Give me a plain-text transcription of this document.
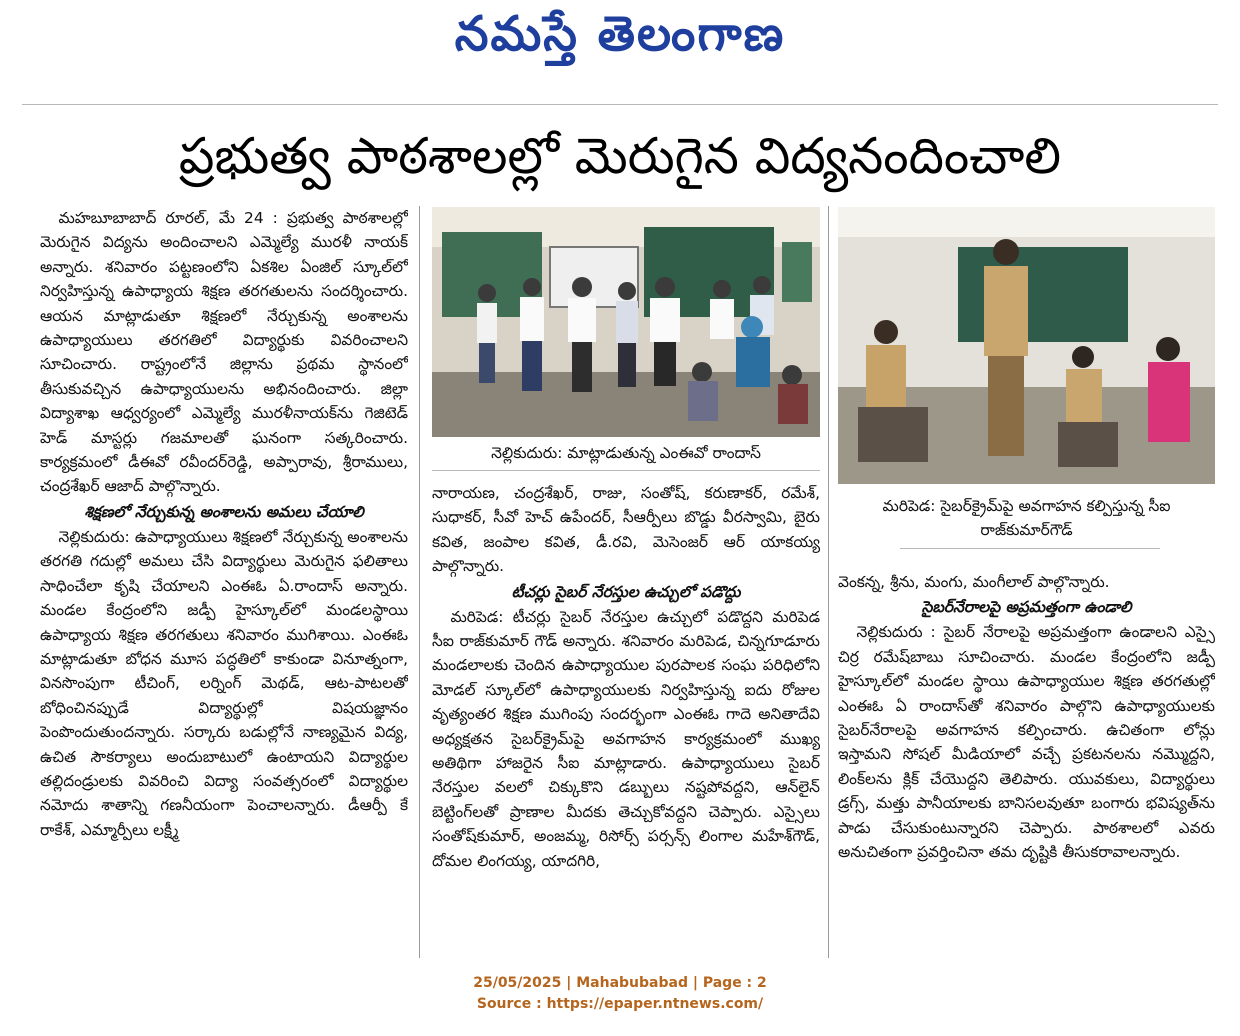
నమస్తే తెలంగాణ
ప్రభుత్వ పాఠశాలల్లో మెరుగైన విద్యనందించాలి

మహబూబాబాద్ రూరల్, మే 24 : ప్రభుత్వ పాఠశాలల్లో మెరుగైన విద్యను అందించాలని ఎమ్మెల్యే మురళీ నాయక్ అన్నారు. శనివారం పట్టణంలోని ఏకశిల ఏంజిల్ స్కూల్‌లో నిర్వహిస్తున్న ఉపాధ్యాయ శిక్షణ తరగతులను సందర్శించారు. ఆయన మాట్లాడుతూ శిక్షణలో నేర్చుకున్న అంశాలను ఉపాధ్యాయులు తరగతిలో విద్యార్థుకు వివరించాలని సూచించారు. రాష్ట్రంలోనే జిల్లాను ప్రథమ స్థానంలో తీసుకువచ్చిన ఉపాధ్యాయులను అభినందించారు. జిల్లా విద్యాశాఖ ఆధ్వర్యంలో ఎమ్మెల్యే మురళీనాయక్‌ను గెజిటెడ్ హెడ్ మాస్టర్లు గజమాలతో ఘనంగా సత్కరించారు. కార్యక్రమంలో డీఈవో రవీందర్‌రెడ్డి, అప్పారావు, శ్రీరాములు, చంద్రశేఖర్ ఆజాద్ పాల్గొన్నారు.

శిక్షణలో నేర్చుకున్న అంశాలను అమలు చేయాలి

నెల్లికుదురు: ఉపాధ్యాయులు శిక్షణలో నేర్చుకున్న అంశాలను తరగతి గదుల్లో అమలు చేసి విద్యార్థులు మెరుగైన ఫలితాలు సాధించేలా కృషి చేయాలని ఎంఈఓ ఏ.రాందాస్ అన్నారు. మండల కేంద్రంలోని జడ్పీ హైస్కూల్‌లో మండలస్థాయి ఉపాధ్యాయ శిక్షణ తరగతులు శనివారం ముగిశాయి. ఎంఈఓ మాట్లాడుతూ బోధన మూస పద్ధతిలో కాకుండా వినూత్నంగా, వినసొంపుగా టీచింగ్, లర్నింగ్ మెథడ్, ఆట-పాటలతో బోధించినప్పుడే విద్యార్థుల్లో విషయజ్ఞానం పెంపొందుతుందన్నారు. సర్కారు బడుల్లోనే నాణ్యమైన విద్య, ఉచిత సౌకర్యాలు అందుబాటులో ఉంటాయని విద్యార్థుల తల్లిదండ్రులకు వివరించి విద్యా సంవత్సరంలో విద్యార్థుల నమోదు శాతాన్ని గణనీయంగా పెంచాలన్నారు. డీఆర్పీ కే రాకేశ్, ఎమ్మార్పీలు లక్ష్మీ

నెల్లికుదురు: మాట్లాడుతున్న ఎంఈవో రాందాస్

నారాయణ, చంద్రశేఖర్, రాజు, సంతోష్, కరుణాకర్, రమేశ్, సుధాకర్, సీవో హెచ్ ఉపేందర్, సీఆర్పీలు బొడ్డు వీరస్వామి, బైరు కవిత, జంపాల కవిత, డీ.రవి, మెసెంజర్ ఆర్ యాకయ్య పాల్గొన్నారు.

టీచర్లు సైబర్ నేరస్తుల ఉచ్చులో పడొద్దు

మరిపెడ: టీచర్లు సైబర్ నేరస్తుల ఉచ్చులో పడొద్దని మరిపెడ సీఐ రాజ్‌కుమార్ గౌడ్ అన్నారు. శనివారం మరిపెడ, చిన్నగూడూరు మండలాలకు చెందిన ఉపాధ్యాయుల పురపాలక సంఘ పరిధిలోని మోడల్ స్కూల్‌లో ఉపాధ్యాయులకు నిర్వహిస్తున్న ఐదు రోజుల వృత్యంతర శిక్షణ ముగింపు సందర్భంగా ఎంఈఓ గాదె అనితాదేవి అధ్యక్షతన సైబర్‌క్రైమ్‌పై అవగాహన కార్యక్రమంలో ముఖ్య అతిథిగా హాజరైన సీఐ మాట్లాడారు. ఉపాధ్యాయులు సైబర్ నేరస్తుల వలలో చిక్కుకొని డబ్బులు నష్టపోవద్దని, ఆన్‌లైన్ బెట్టింగ్‌లతో ప్రాణాల మీదకు తెచ్చుకోవద్దని చెప్పారు. ఎస్సైలు సంతోష్‌కుమార్, అంజమ్మ, రిసోర్స్ పర్సన్స్ లింగాల మహేశ్‌గౌడ్, దోమల లింగయ్య, యాదగిరి,

మరిపెడ: సైబర్‌క్రైమ్‌పై అవగాహన కల్పిస్తున్న సీఐ రాజ్‌కుమార్‌గౌడ్

వెంకన్న, శ్రీను, మంగు, మంగీలాల్ పాల్గొన్నారు.

సైబర్‌నేరాలపై అప్రమత్తంగా ఉండాలి

నెల్లికుదురు : సైబర్ నేరాలపై అప్రమత్తంగా ఉండాలని ఎస్సై చిర్ర రమేష్‌బాబు సూచించారు. మండల కేంద్రంలోని జడ్పీ హైస్కూల్‌లో మండల స్థాయి ఉపాధ్యాయుల శిక్షణ తరగతుల్లో ఎంఈఓ ఏ రాందాస్‌తో శనివారం పాల్గొని ఉపాధ్యాయులకు సైబర్‌నేరాలపై అవగాహన కల్పించారు. ఉచితంగా లోన్లు ఇస్తామని సోషల్ మీడియాలో వచ్చే ప్రకటనలను నమ్మొద్దని, లింక్‌లను క్లిక్ చేయొద్దని తెలిపారు. యువకులు, విద్యార్థులు డ్రగ్స్, మత్తు పానీయాలకు బానిసలవుతూ బంగారు భవిష్యత్‌ను పాడు చేసుకుంటున్నారని చెప్పారు. పాఠశాలలో ఎవరు అనుచితంగా ప్రవర్తించినా తమ దృష్టికి తీసుకరావాలన్నారు.

25/05/2025 | Mahabubabad | Page : 2
Source : https://epaper.ntnews.com/
